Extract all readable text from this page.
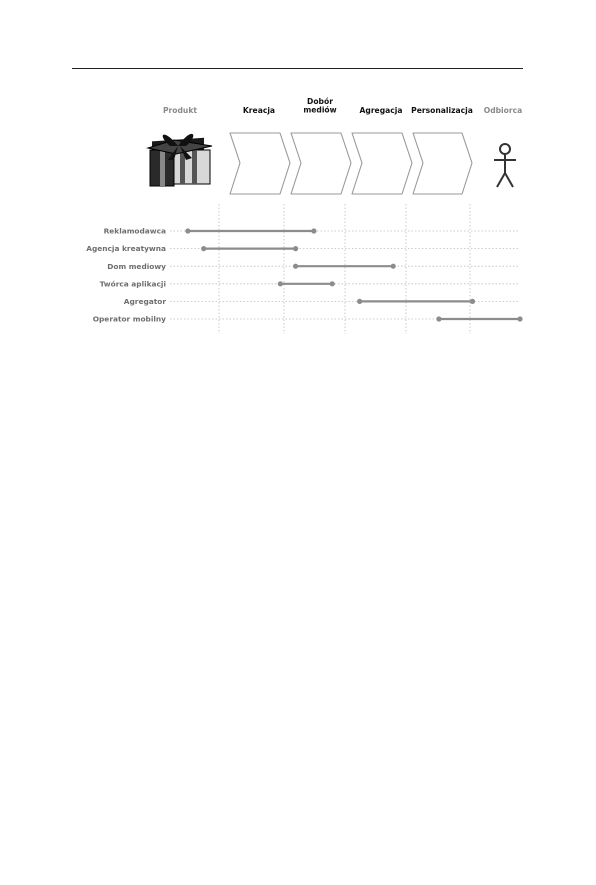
Produkt	Kreacja
Dobór mediów	Agregacja Personalizacja Odbiorca
Reklamodawca
Agencja kreatywna
Dom mediowy
Twórca aplikacji
Agregator
Operator mobilny
